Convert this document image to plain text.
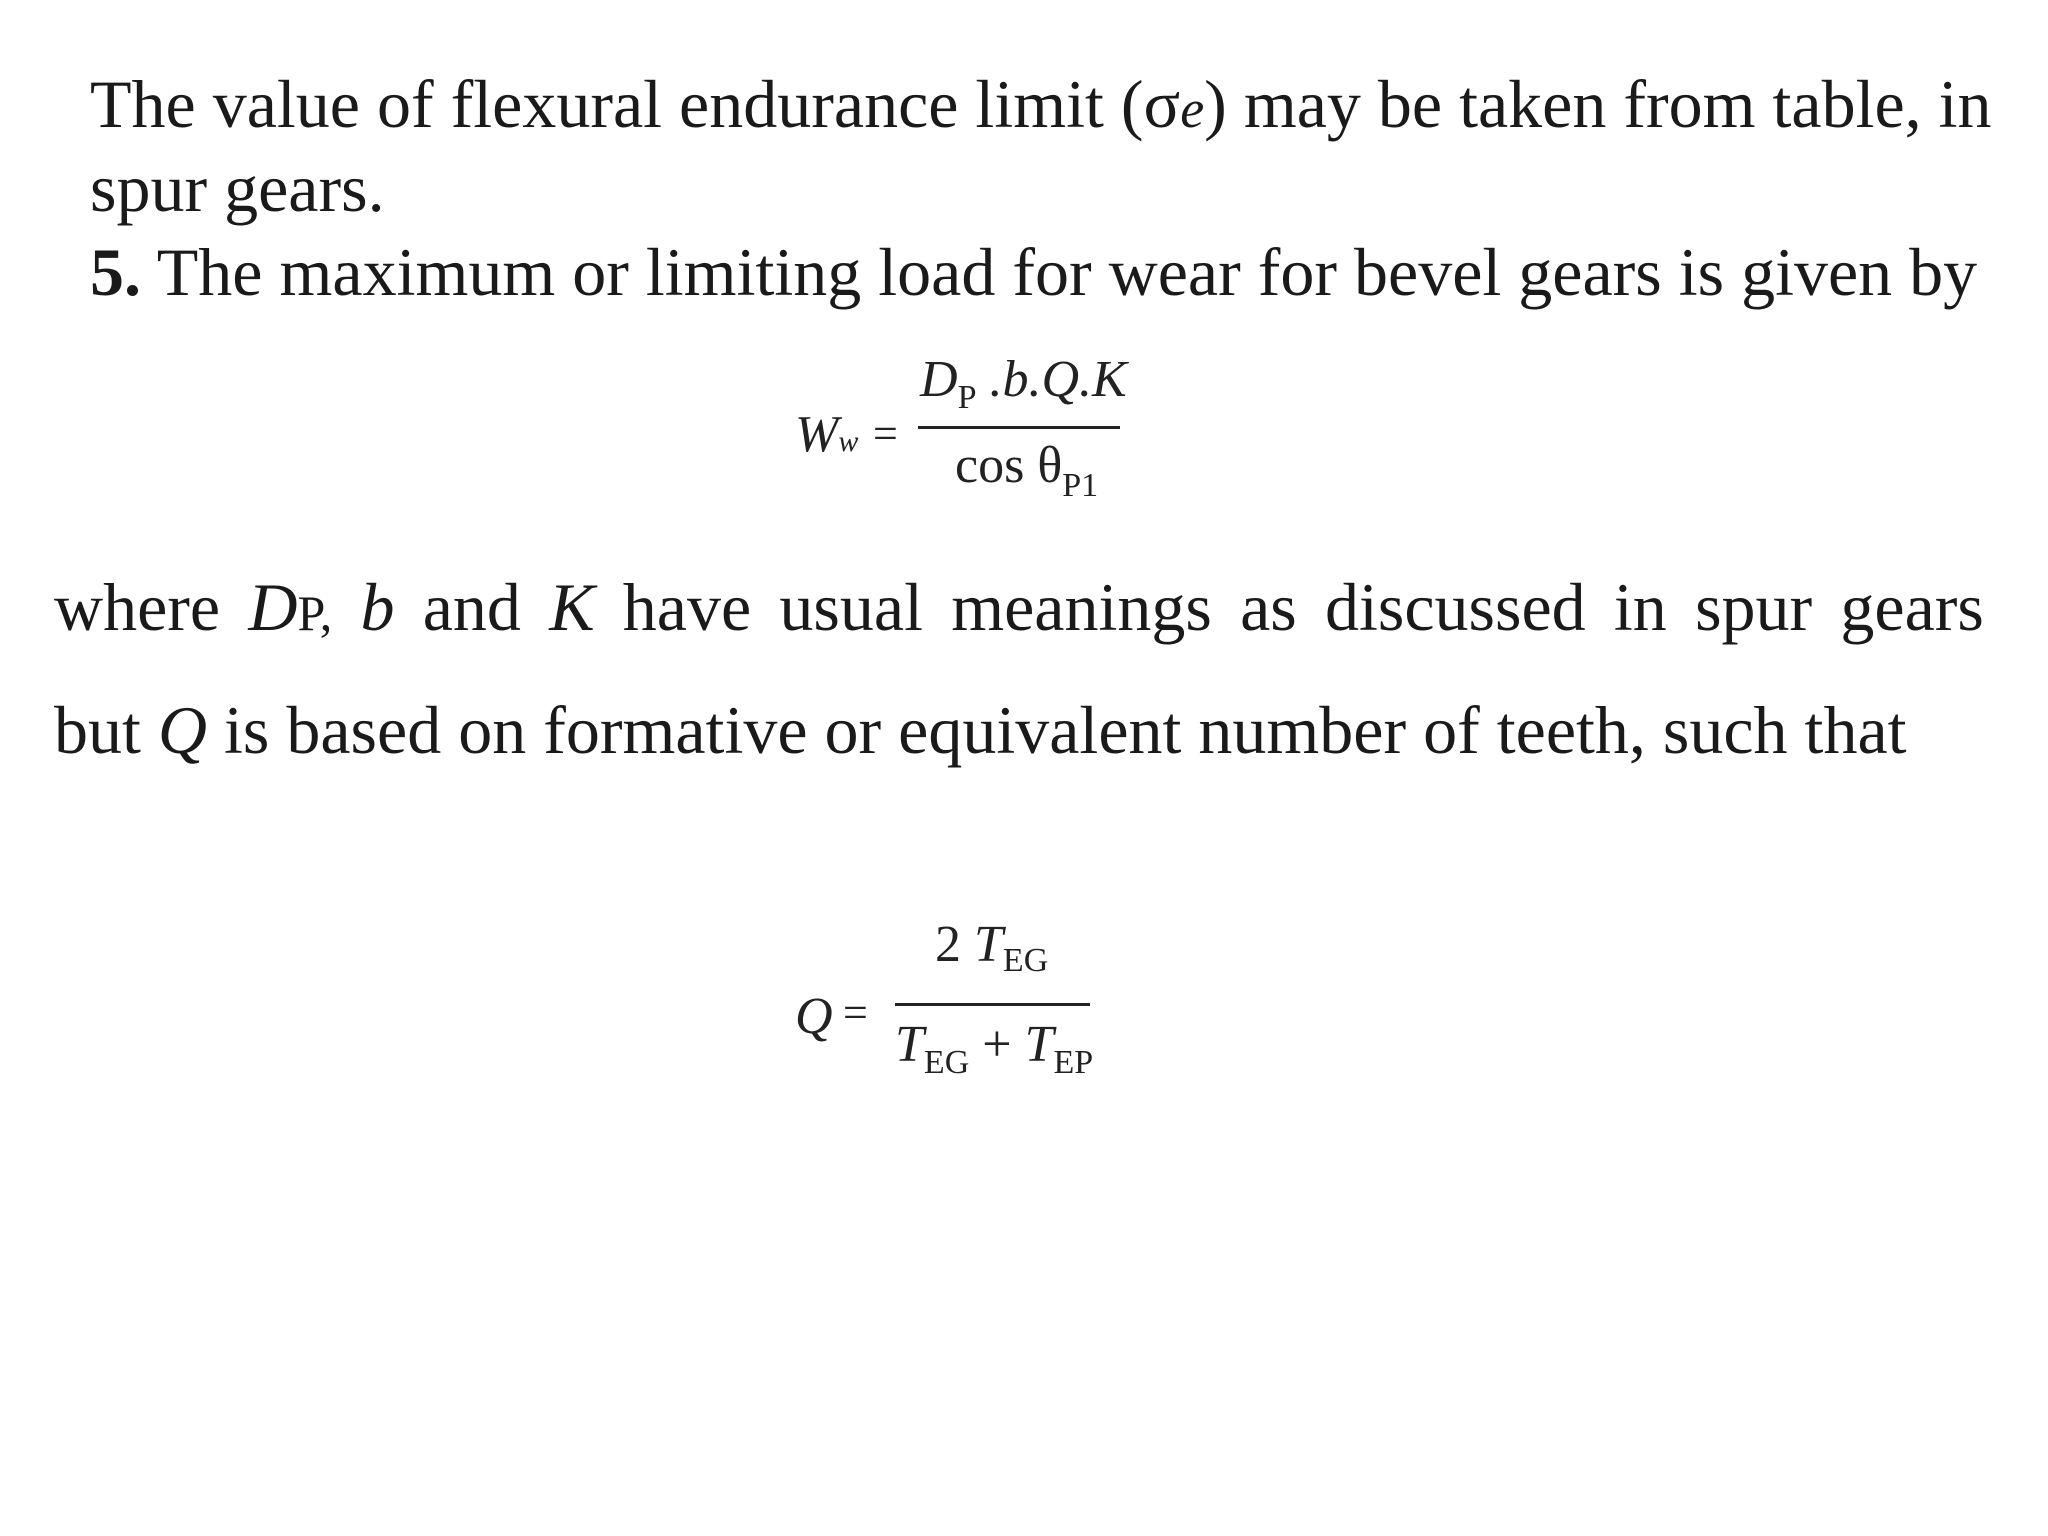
The value of flexural endurance limit (σe) may be taken from table, in
spur gears.
5. The maximum or limiting load for wear for bevel gears is given by
Ww =
$D_P$ .b.Q.K
$\cos \theta_{P1}$
where DP, b and K have usual meanings as discussed in spur gears
but Q is based on formative or equivalent number of teeth, such that
Q =
2 TEG
$T_{EG} + T_{EP}$
